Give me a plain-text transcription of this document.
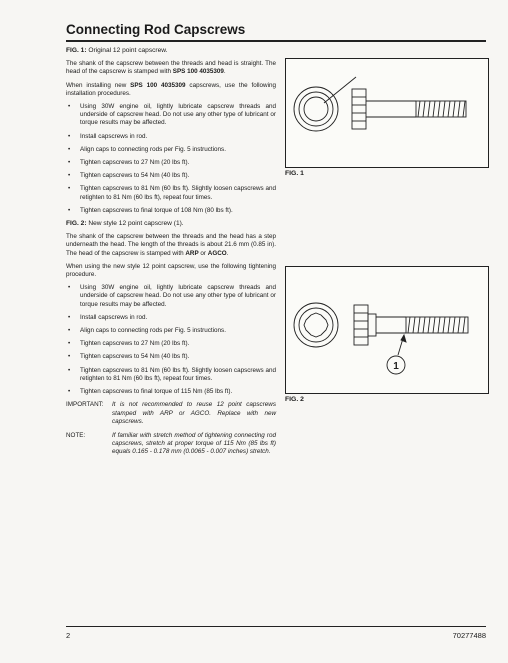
Connecting Rod Capscrews

FIG. 1: Original 12 point capscrew.

The shank of the capscrew between the threads and head is straight. The head of the capscrew is stamped with SPS 100 4035309.

When installing new SPS 100 4035309 capscrews, use the following installation procedures.

• Using 30W engine oil, lightly lubricate capscrew threads and underside of capscrew head. Do not use any other type of lubricant or torque results may be affected.
• Install capscrews in rod.
• Align caps to connecting rods per Fig. 5 instructions.
• Tighten capscrews to 27 Nm (20 lbs ft).
• Tighten capscrews to 54 Nm (40 lbs ft).
• Tighten capscrews to 81 Nm (60 lbs ft). Slightly loosen capscrews and retighten to 81 Nm (60 lbs ft), repeat four times.
• Tighten capscrews to final torque of 108 Nm (80 lbs ft).

FIG. 2: New style 12 point capscrew (1).

The shank of the capscrew between the threads and the head has a step underneath the head. The length of the threads is about 21.6 mm (0.85 in). The head of the capscrew is stamped with ARP or AGCO.

When using the new style 12 point capscrew, use the following tightening procedure.

• Using 30W engine oil, lightly lubricate capscrew threads and underside of capscrew head. Do not use any other type of lubricant or torque results may be affected.
• Install capscrews in rod.
• Align caps to connecting rods per Fig. 5 instructions.
• Tighten capscrews to 27 Nm (20 lbs ft).
• Tighten capscrews to 54 Nm (40 lbs ft).
• Tighten capscrews to 81 Nm (60 lbs ft). Slightly loosen capscrews and retighten to 81 Nm (60 lbs ft), repeat four times.
• Tighten capscrews to final torque of 115 Nm (85 lbs ft).
IMPORTANT:	It is not recommended to reuse 12 point capscrews stamped with ARP or AGCO. Replace with new capscrews.
NOTE:	If familiar with stretch method of tightening connecting rod capscrews, stretch at proper torque of 115 Nm (85 lbs ft) equals 0.165 - 0.178 mm (0.0065 - 0.007 inches) stretch.
FIG. 1
1
FIG. 2
2	70277488
